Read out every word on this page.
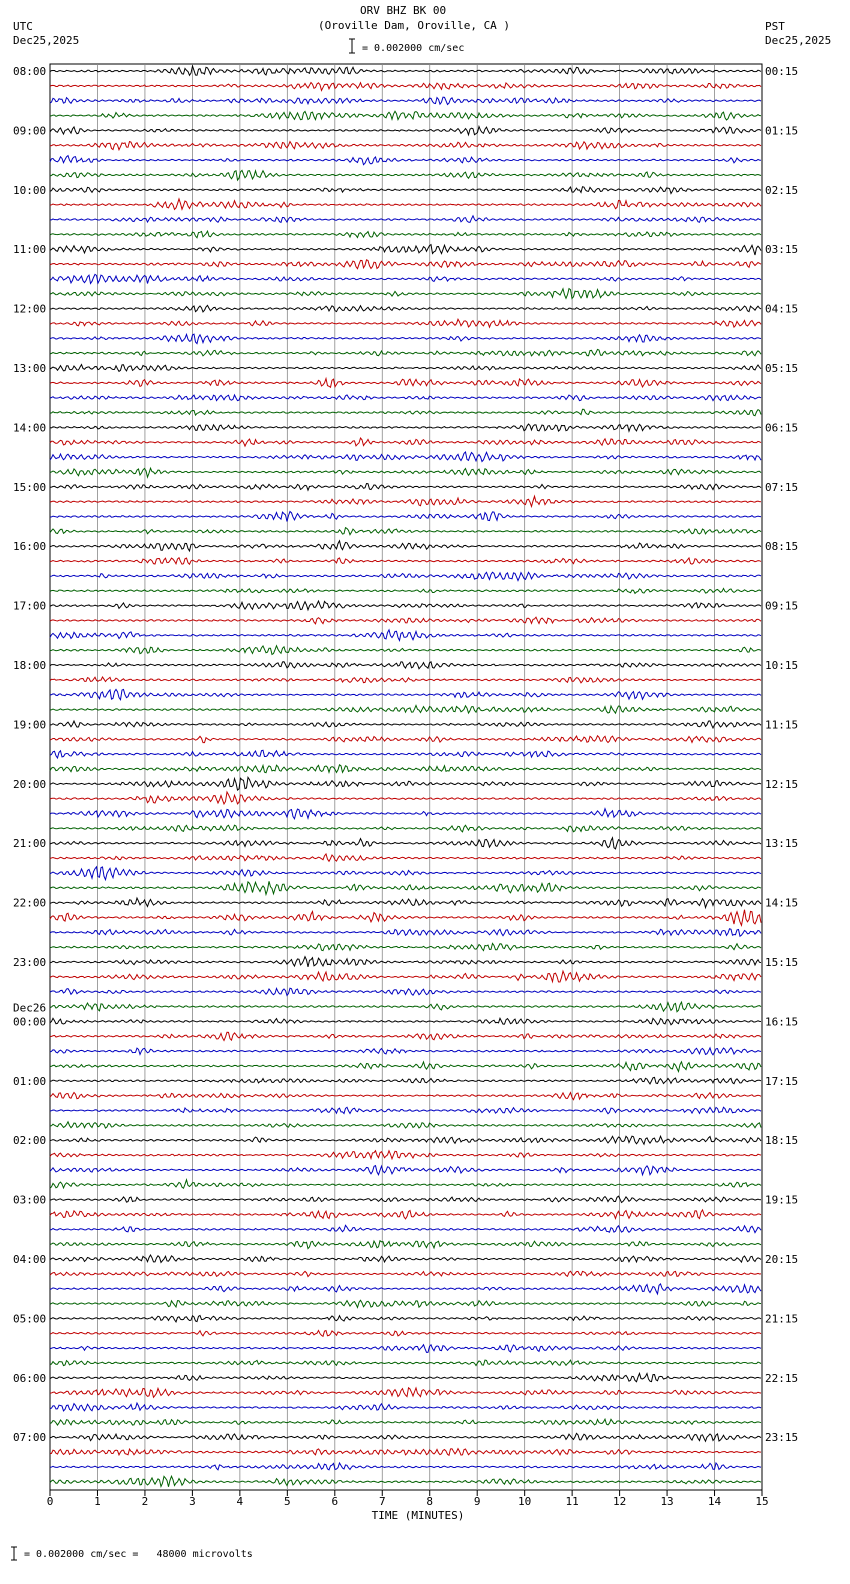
ORV BHZ BK 00
(Oroville Dam, Oroville, CA )
UTC
Dec25,2025
PST
Dec25,2025
= 0.002000 cm/sec
= 0.002000 cm/sec =   48000 microvolts
08:00
09:00
10:00
11:00
12:00
13:00
14:00
15:00
16:00
17:00
18:00
19:00
20:00
21:00
22:00
23:00
00:00
Dec26
01:00
02:00
03:00
04:00
05:00
06:00
07:00
00:15
01:15
02:15
03:15
04:15
05:15
06:15
07:15
08:15
09:15
10:15
11:15
12:15
13:15
14:15
15:15
16:15
17:15
18:15
19:15
20:15
21:15
22:15
23:15
0	1	2	3	4	5	6	7	8	9	10	11	12	13	14	15
TIME (MINUTES)
